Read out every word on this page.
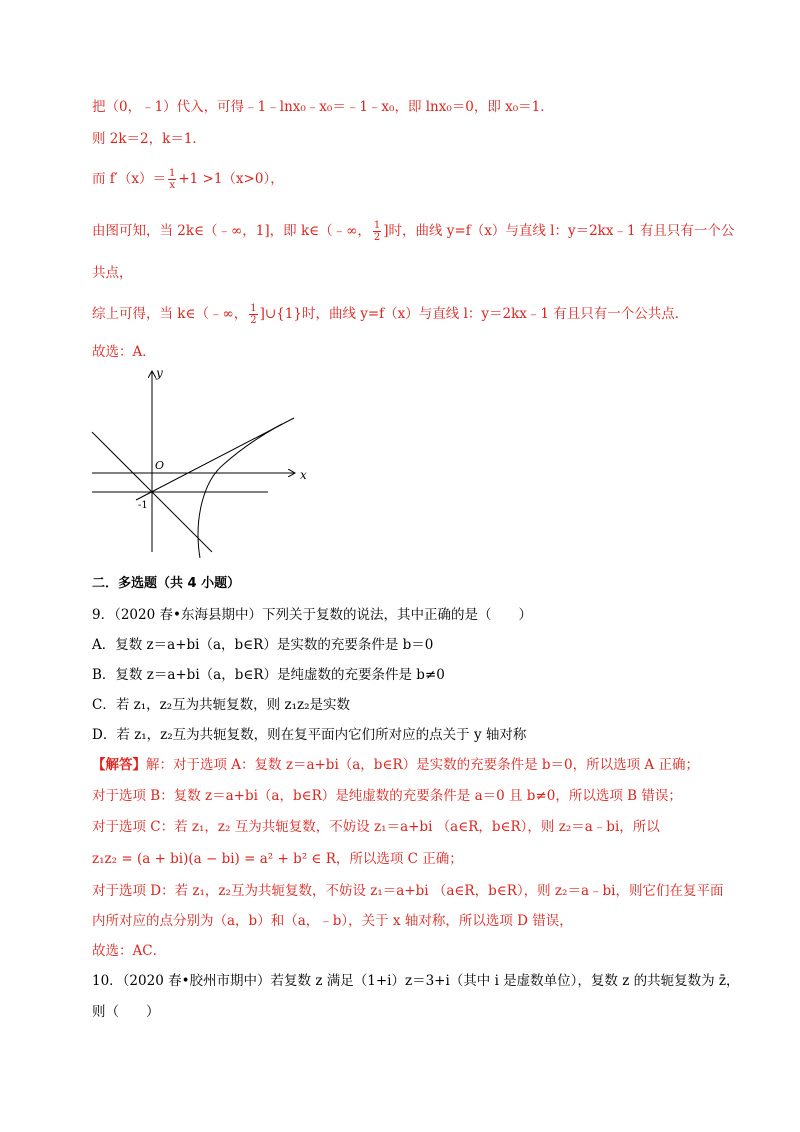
把（0，﹣1）代入，可得﹣1﹣lnx₀﹣x₀＝﹣1﹣x₀，即 lnx₀＝0，即 x₀＝1．
则 2k＝2，k＝1．
而 $f'(x)= \frac{1}{x} +1 >1(x>0)$，
由图可知，当 2k∈（﹣∞，1]，即 k∈（﹣∞， $\frac{1}{2}$ ]时，曲线 y=f（x）与直线 l：y＝2kx﹣1 有且只有一个公
共点，
综上可得，当 k∈（﹣∞， $\frac{1}{2}$ ]∪{1}时，曲线 y=f（x）与直线 l：y＝2kx﹣1 有且只有一个公共点．
故选：A．
y
x
O
-1
二．多选题（共 4 小题）
9．（2020 春•东海县期中）下列关于复数的说法，其中正确的是（　　）
A．复数 z＝a+bi（a，b∈R）是实数的充要条件是 b＝0
B．复数 z＝a+bi（a，b∈R）是纯虚数的充要条件是 b≠0
C．若 z₁，z₂互为共轭复数，则 z₁z₂是实数
D．若 z₁，z₂互为共轭复数，则在复平面内它们所对应的点关于 y 轴对称
【解答】解：对于选项 A：复数 z＝a+bi（a，b∈R）是实数的充要条件是 b＝0，所以选项 A 正确；
对于选项 B：复数 z＝a+bi（a，b∈R）是纯虚数的充要条件是 a＝0 且 b≠0，所以选项 B 错误；
对于选项 C：若 z₁，z₂ 互为共轭复数，不妨设 z₁＝a+bi （a∈R，b∈R），则 z₂＝a﹣bi，所以
z₁z₂ = (a + bi)(a − bi) = a² + b² ∈ R，所以选项 C 正确；
对于选项 D：若 z₁，z₂互为共轭复数，不妨设 z₁＝a+bi （a∈R，b∈R），则 z₂＝a﹣bi，则它们在复平面
内所对应的点分别为（a，b）和（a，﹣b），关于 x 轴对称，所以选项 D 错误，
故选：AC．
10．（2020 春•胶州市期中）若复数 z 满足（1+i）z＝3+i（其中 i 是虚数单位），复数 z 的共轭复数为 z̄，
则（　　）
